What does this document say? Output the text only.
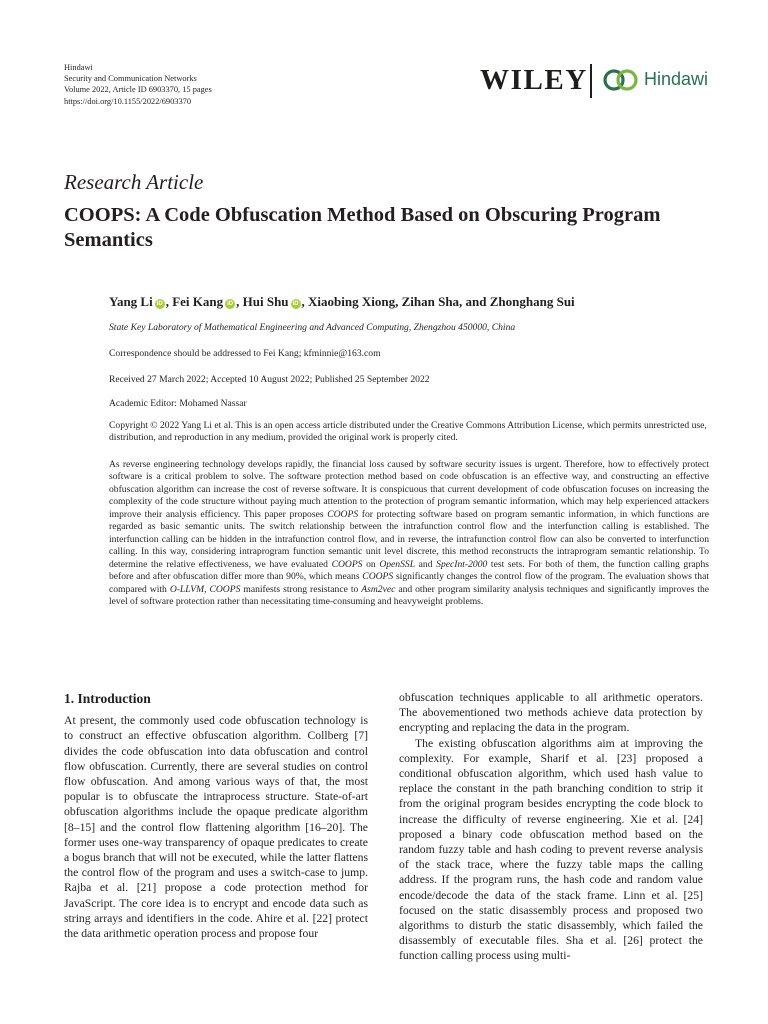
Hindawi
Security and Communication Networks
Volume 2022, Article ID 6903370, 15 pages
https://doi.org/10.1155/2022/6903370
WILEY	Hindawi
Research Article
COOPS: A Code Obfuscation Method Based on Obscuring Program Semantics
Yang Li iD , Fei Kang iD , Hui Shu iD , Xiaobing Xiong, Zihan Sha, and Zhonghang Sui
State Key Laboratory of Mathematical Engineering and Advanced Computing, Zhengzhou 450000, China
Correspondence should be addressed to Fei Kang; kfminnie@163.com
Received 27 March 2022; Accepted 10 August 2022; Published 25 September 2022
Academic Editor: Mohamed Nassar
Copyright © 2022 Yang Li et al. This is an open access article distributed under the Creative Commons Attribution License, which permits unrestricted use, distribution, and reproduction in any medium, provided the original work is properly cited.
As reverse engineering technology develops rapidly, the financial loss caused by software security issues is urgent. Therefore, how to effectively protect software is a critical problem to solve. The software protection method based on code obfuscation is an effective way, and constructing an effective obfuscation algorithm can increase the cost of reverse software. It is conspicuous that current development of code obfuscation focuses on increasing the complexity of the code structure without paying much attention to the protection of program semantic information, which may help experienced attackers improve their analysis efficiency. This paper proposes COOPS for protecting software based on program semantic information, in which functions are regarded as basic semantic units. The switch relationship between the intrafunction control flow and the interfunction calling is established. The interfunction calling can be hidden in the intrafunction control flow, and in reverse, the intrafunction control flow can also be converted to interfunction calling. In this way, considering intraprogram function semantic unit level discrete, this method reconstructs the intraprogram semantic relationship. To determine the relative effectiveness, we have evaluated COOPS on OpenSSL and SpecInt-2000 test sets. For both of them, the function calling graphs before and after obfuscation differ more than 90%, which means COOPS significantly changes the control flow of the program. The evaluation shows that compared with O-LLVM, COOPS manifests strong resistance to Asm2vec and other program similarity analysis techniques and significantly improves the level of software protection rather than necessitating time-consuming and heavyweight problems.

1. Introduction

At present, the commonly used code obfuscation technology is to construct an effective obfuscation algorithm. Collberg [7] divides the code obfuscation into data obfuscation and control flow obfuscation. Currently, there are several studies on control flow obfuscation. And among various ways of that, the most popular is to obfuscate the intraprocess structure. State-of-art obfuscation algorithms include the opaque predicate algorithm [8–15] and the control flow flattening algorithm [16–20]. The former uses one-way transparency of opaque predicates to create a bogus branch that will not be executed, while the latter flattens the control flow of the program and uses a switch-case to jump. Rajba et al. [21] propose a code protection method for JavaScript. The core idea is to encrypt and encode data such as string arrays and identifiers in the code. Ahire et al. [22] protect the data arithmetic operation process and propose four

obfuscation techniques applicable to all arithmetic operators. The abovementioned two methods achieve data protection by encrypting and replacing the data in the program.

The existing obfuscation algorithms aim at improving the complexity. For example, Sharif et al. [23] proposed a conditional obfuscation algorithm, which used hash value to replace the constant in the path branching condition to strip it from the original program besides encrypting the code block to increase the difficulty of reverse engineering. Xie et al. [24] proposed a binary code obfuscation method based on the random fuzzy table and hash coding to prevent reverse analysis of the stack trace, where the fuzzy table maps the calling address. If the program runs, the hash code and random value encode/decode the data of the stack frame. Linn et al. [25] focused on the static disassembly process and proposed two algorithms to disturb the static disassembly, which failed the disassembly of executable files. Sha et al. [26] protect the function calling process using multi-
